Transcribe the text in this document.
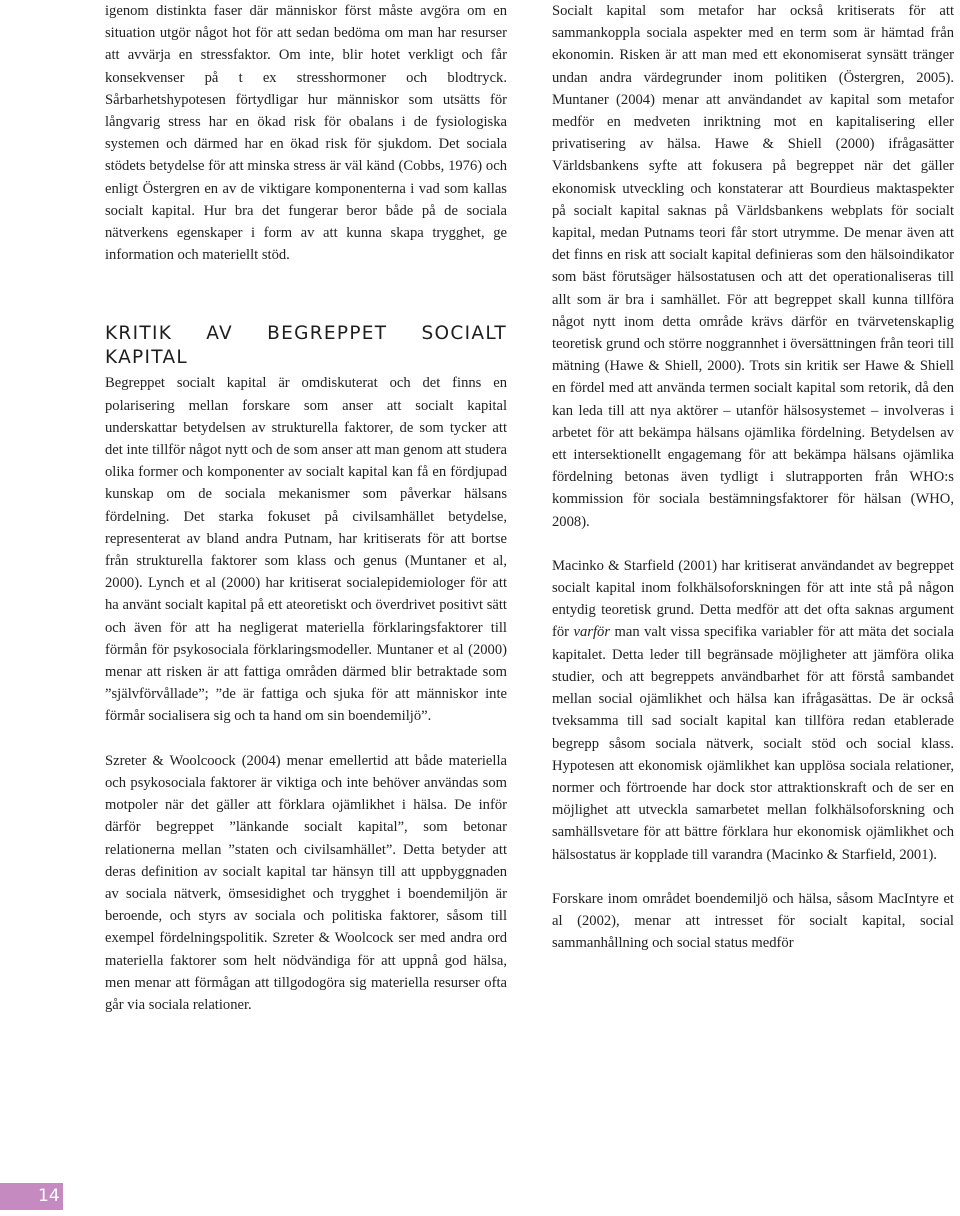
igenom distinkta faser där människor först måste avgöra om en situation utgör något hot för att sedan bedöma om man har resurser att avvärja en stressfaktor. Om inte, blir hotet verkligt och får konsekvenser på t ex stresshormoner och blodtryck. Sårbarhetshypotesen förtydligar hur människor som utsätts för långvarig stress har en ökad risk för obalans i de fysiologiska systemen och därmed har en ökad risk för sjukdom. Det sociala stödets betydelse för att minska stress är väl känd (Cobbs, 1976) och enligt Östergren en av de viktigare komponenterna i vad som kallas socialt kapital. Hur bra det fungerar beror både på de sociala nätverkens egenskaper i form av att kunna skapa trygghet, ge information och materiellt stöd.

KRITIK AV BEGREPPET SOCIALT KAPITAL

Begreppet socialt kapital är omdiskuterat och det finns en polarisering mellan forskare som anser att socialt kapital underskattar betydelsen av strukturella faktorer, de som tycker att det inte tillför något nytt och de som anser att man genom att studera olika former och komponenter av socialt kapital kan få en fördjupad kunskap om de sociala mekanismer som påverkar hälsans fördelning. Det starka fokuset på civilsamhället betydelse, representerat av bland andra Putnam, har kritiserats för att bortse från strukturella faktorer som klass och genus (Muntaner et al, 2000). Lynch et al (2000) har kritiserat socialepidemiologer för att ha använt socialt kapital på ett ateoretiskt och överdrivet positivt sätt och även för att ha negligerat materiella förklaringsfaktorer till förmån för psykosociala förklaringsmodeller. Muntaner et al (2000) menar att risken är att fattiga områden därmed blir betraktade som ”självförvållade”; ”de är fattiga och sjuka för att människor inte förmår socialisera sig och ta hand om sin boendemiljö”.

Szreter & Woolcoock (2004) menar emellertid att både materiella och psykosociala faktorer är viktiga och inte behöver användas som motpoler när det gäller att förklara ojämlikhet i hälsa. De inför därför begreppet ”länkande socialt kapital”, som betonar relationerna mellan ”staten och civilsamhället”. Detta betyder att deras definition av socialt kapital tar hänsyn till att uppbyggnaden av sociala nätverk, ömsesidighet och trygghet i boendemiljön är beroende, och styrs av sociala och politiska faktorer, såsom till exempel fördelningspolitik. Szreter & Woolcock ser med andra ord materiella faktorer som helt nödvändiga för att uppnå god hälsa, men menar att förmågan att tillgodogöra sig materiella resurser ofta går via sociala relationer.

Socialt kapital som metafor har också kritiserats för att sammankoppla sociala aspekter med en term som är hämtad från ekonomin. Risken är att man med ett ekonomiserat synsätt tränger undan andra värdegrunder inom politiken (Östergren, 2005). Muntaner (2004) menar att användandet av kapital som metafor medför en medveten inriktning mot en kapitalisering eller privatisering av hälsa. Hawe & Shiell (2000) ifrågasätter Världsbankens syfte att fokusera på begreppet när det gäller ekonomisk utveckling och konstaterar att Bourdieus maktaspekter på socialt kapital saknas på Världsbankens webplats för socialt kapital, medan Putnams teori får stort utrymme. De menar även att det finns en risk att socialt kapital definieras som den hälsoindikator som bäst förutsäger hälsostatusen och att det operationaliseras till allt som är bra i samhället. För att begreppet skall kunna tillföra något nytt inom detta område krävs därför en tvärvetenskaplig teoretisk grund och större noggrannhet i översättningen från teori till mätning (Hawe & Shiell, 2000). Trots sin kritik ser Hawe & Shiell en fördel med att använda termen socialt kapital som retorik, då den kan leda till att nya aktörer – utanför hälsosystemet – involveras i arbetet för att bekämpa hälsans ojämlika fördelning. Betydelsen av ett intersektionellt engagemang för att bekämpa hälsans ojämlika fördelning betonas även tydligt i slutrapporten från WHO:s kommission för sociala bestämningsfaktorer för hälsan (WHO, 2008).

Macinko & Starfield (2001) har kritiserat användandet av begreppet socialt kapital inom folkhälsoforskningen för att inte stå på någon entydig teoretisk grund. Detta medför att det ofta saknas argument för varför man valt vissa specifika variabler för att mäta det sociala kapitalet. Detta leder till begränsade möjligheter att jämföra olika studier, och att begreppets användbarhet för att förstå sambandet mellan social ojämlikhet och hälsa kan ifrågasättas. De är också tveksamma till sad socialt kapital kan tillföra redan etablerade begrepp såsom sociala nätverk, socialt stöd och social klass. Hypotesen att ekonomisk ojämlikhet kan upplösa sociala relationer, normer och förtroende har dock stor attraktionskraft och de ser en möjlighet att utveckla samarbetet mellan folkhälsoforskning och samhällsvetare för att bättre förklara hur ekonomisk ojämlikhet och hälsostatus är kopplade till varandra (Macinko & Starfield, 2001).

Forskare inom området boendemiljö och hälsa, såsom MacIntyre et al (2002), menar att intresset för socialt kapital, social sammanhållning och social status medför

14
